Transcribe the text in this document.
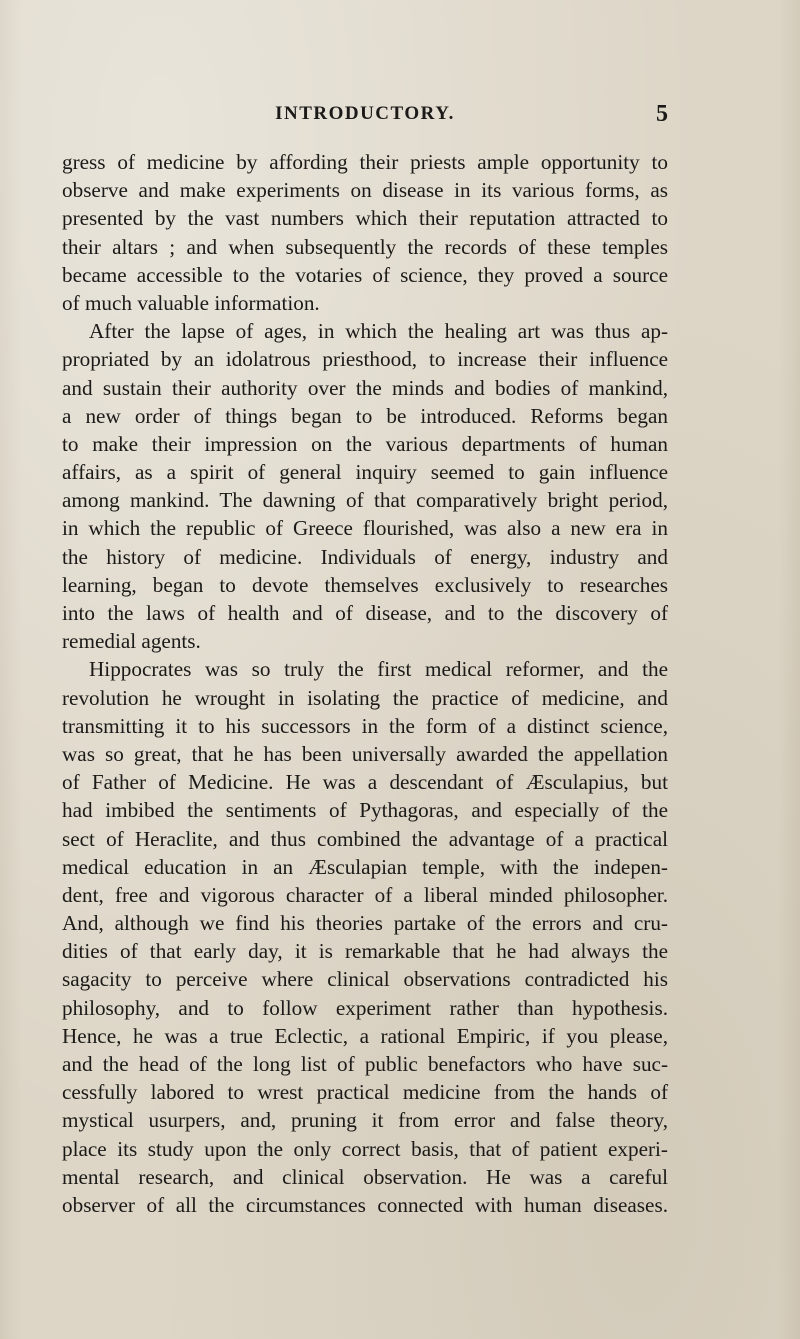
INTRODUCTORY.	5
gress of medicine by affording their priests ample opportunity to
observe and make experiments on disease in its various forms, as
presented by the vast numbers which their reputation attracted to
their altars ; and when subsequently the records of these temples
became accessible to the votaries of science, they proved a source
of much valuable information.
After the lapse of ages, in which the healing art was thus ap-
propriated by an idolatrous priesthood, to increase their influence
and sustain their authority over the minds and bodies of mankind,
a new order of things began to be introduced. Reforms began
to make their impression on the various departments of human
affairs, as a spirit of general inquiry seemed to gain influence
among mankind. The dawning of that comparatively bright period,
in which the republic of Greece flourished, was also a new era in
the history of medicine. Individuals of energy, industry and
learning, began to devote themselves exclusively to researches
into the laws of health and of disease, and to the discovery of
remedial agents.
Hippocrates was so truly the first medical reformer, and the
revolution he wrought in isolating the practice of medicine, and
transmitting it to his successors in the form of a distinct science,
was so great, that he has been universally awarded the appellation
of Father of Medicine. He was a descendant of Æsculapius, but
had imbibed the sentiments of Pythagoras, and especially of the
sect of Heraclite, and thus combined the advantage of a practical
medical education in an Æsculapian temple, with the indepen-
dent, free and vigorous character of a liberal minded philosopher.
And, although we find his theories partake of the errors and cru-
dities of that early day, it is remarkable that he had always the
sagacity to perceive where clinical observations contradicted his
philosophy, and to follow experiment rather than hypothesis.
Hence, he was a true Eclectic, a rational Empiric, if you please,
and the head of the long list of public benefactors who have suc-
cessfully labored to wrest practical medicine from the hands of
mystical usurpers, and, pruning it from error and false theory,
place its study upon the only correct basis, that of patient experi-
mental research, and clinical observation. He was a careful
observer of all the circumstances connected with human diseases.
